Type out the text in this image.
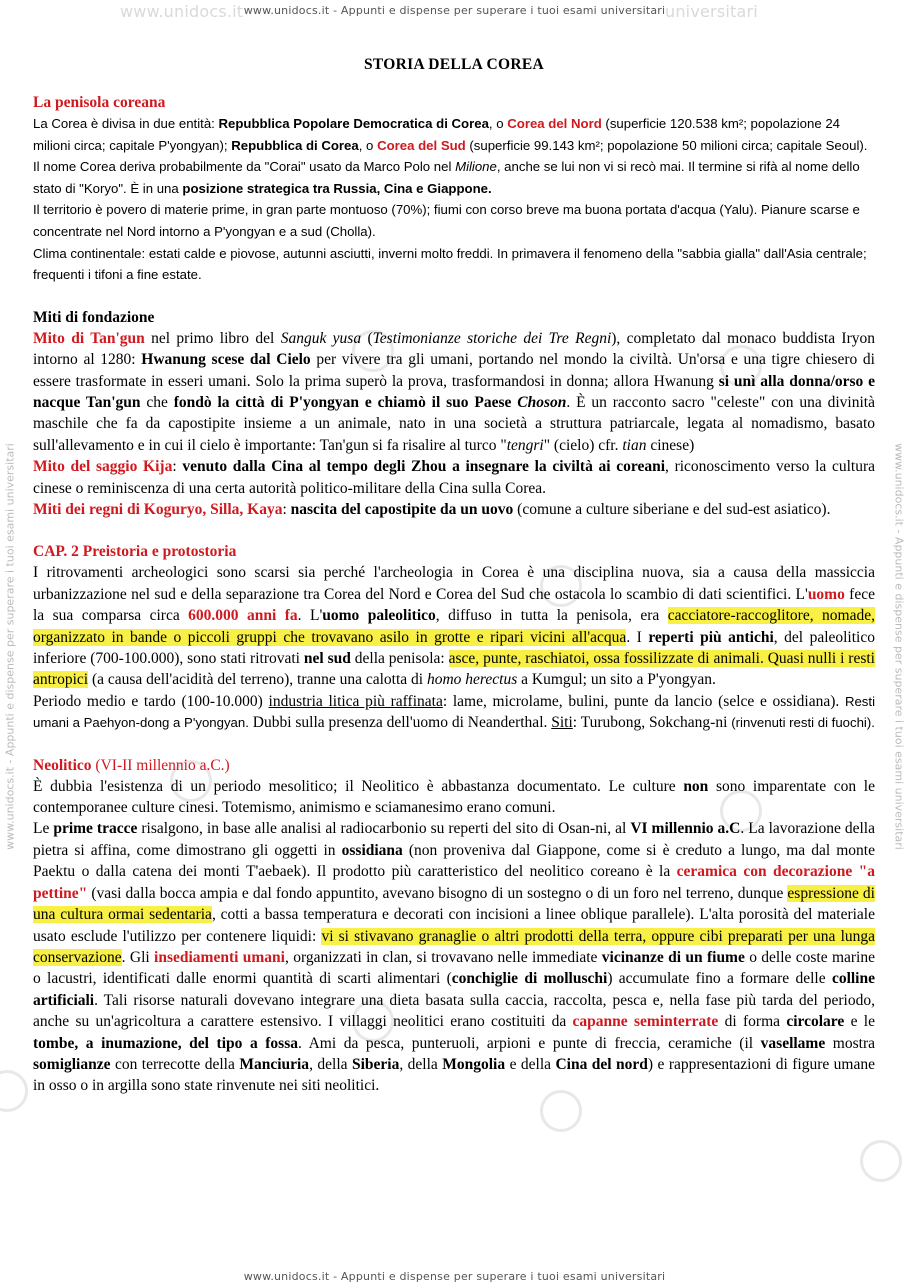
www.unidocs.it www.unidocs.it - Appunti e dispense per superare i tuoi esami universitari universitari
www.unidocs.it - Appunti e dispense per superare i tuoi esami universitari
www.unidocs.it - Appunti e dispense per superare i tuoi esami universitari	www.unidocs.it - Appunti e dispense per superare i tuoi esami universitari
STORIA DELLA COREA
La penisola coreana

La Corea è divisa in due entità: Repubblica Popolare Democratica di Corea, o Corea del Nord (superficie 120.538 km²; popolazione 24 milioni circa; capitale P'yongyan); Repubblica di Corea, o Corea del Sud (superficie 99.143 km²; popolazione 50 milioni circa; capitale Seoul).

Il nome Corea deriva probabilmente da "Corai" usato da Marco Polo nel Milione, anche se lui non vi si recò mai. Il termine si rifà al nome dello stato di "Koryo". È in una posizione strategica tra Russia, Cina e Giappone.

Il territorio è povero di materie prime, in gran parte montuoso (70%); fiumi con corso breve ma buona portata d'acqua (Yalu). Pianure scarse e concentrate nel Nord intorno a P'yongyan e a sud (Cholla).

Clima continentale: estati calde e piovose, autunni asciutti, inverni molto freddi. In primavera il fenomeno della "sabbia gialla" dall'Asia centrale; frequenti i tifoni a fine estate.

Miti di fondazione

Mito di Tan'gun nel primo libro del Sanguk yusa (Testimonianze storiche dei Tre Regni), completato dal monaco buddista Iryon intorno al 1280: Hwanung scese dal Cielo per vivere tra gli umani, portando nel mondo la civiltà. Un'orsa e una tigre chiesero di essere trasformate in esseri umani. Solo la prima superò la prova, trasformandosi in donna; allora Hwanung si unì alla donna/orso e nacque Tan'gun che fondò la città di P'yongyan e chiamò il suo Paese Choson. È un racconto sacro "celeste" con una divinità maschile che fa da capostipite insieme a un animale, nato in una società a struttura patriarcale, legata al nomadismo, basato sull'allevamento e in cui il cielo è importante: Tan'gun si fa risalire al turco "tengri" (cielo) cfr. tian cinese)

Mito del saggio Kija: venuto dalla Cina al tempo degli Zhou a insegnare la civiltà ai coreani, riconoscimento verso la cultura cinese o reminiscenza di una certa autorità politico-militare della Cina sulla Corea.

Miti dei regni di Koguryo, Silla, Kaya: nascita del capostipite da un uovo (comune a culture siberiane e del sud-est asiatico).

CAP. 2 Preistoria e protostoria

I ritrovamenti archeologici sono scarsi sia perché l'archeologia in Corea è una disciplina nuova, sia a causa della massiccia urbanizzazione nel sud e della separazione tra Corea del Nord e Corea del Sud che ostacola lo scambio di dati scientifici. L'uomo fece la sua comparsa circa 600.000 anni fa. L'uomo paleolitico, diffuso in tutta la penisola, era cacciatore-raccoglitore, nomade, organizzato in bande o piccoli gruppi che trovavano asilo in grotte e ripari vicini all'acqua. I reperti più antichi, del paleolitico inferiore (700-100.000), sono stati ritrovati nel sud della penisola: asce, punte, raschiatoi, ossa fossilizzate di animali. Quasi nulli i resti antropici (a causa dell'acidità del terreno), tranne una calotta di homo herectus a Kumgul; un sito a P'yongyan.

Periodo medio e tardo (100-10.000) industria litica più raffinata: lame, microlame, bulini, punte da lancio (selce e ossidiana). Resti umani a Paehyon-dong a P'yongyan. Dubbi sulla presenza dell'uomo di Neanderthal. Siti: Turubong, Sokchang-ni (rinvenuti resti di fuochi).

Neolitico (VI-II millennio a.C.)

È dubbia l'esistenza di un periodo mesolitico; il Neolitico è abbastanza documentato. Le culture non sono imparentate con le contemporanee culture cinesi. Totemismo, animismo e sciamanesimo erano comuni.

Le prime tracce risalgono, in base alle analisi al radiocarbonio su reperti del sito di Osan-ni, al VI millennio a.C. La lavorazione della pietra si affina, come dimostrano gli oggetti in ossidiana (non proveniva dal Giappone, come si è creduto a lungo, ma dal monte Paektu o dalla catena dei monti T'aebaek). Il prodotto più caratteristico del neolitico coreano è la ceramica con decorazione "a pettine" (vasi dalla bocca ampia e dal fondo appuntito, avevano bisogno di un sostegno o di un foro nel terreno, dunque espressione di una cultura ormai sedentaria, cotti a bassa temperatura e decorati con incisioni a linee oblique parallele). L'alta porosità del materiale usato esclude l'utilizzo per contenere liquidi: vi si stivavano granaglie o altri prodotti della terra, oppure cibi preparati per una lunga conservazione. Gli insediamenti umani, organizzati in clan, si trovavano nelle immediate vicinanze di un fiume o delle coste marine o lacustri, identificati dalle enormi quantità di scarti alimentari (conchiglie di molluschi) accumulate fino a formare delle colline artificiali. Tali risorse naturali dovevano integrare una dieta basata sulla caccia, raccolta, pesca e, nella fase più tarda del periodo, anche su un'agricoltura a carattere estensivo. I villaggi neolitici erano costituiti da capanne seminterrate di forma circolare e le tombe, a inumazione, del tipo a fossa. Ami da pesca, punteruoli, arpioni e punte di freccia, ceramiche (il vasellame mostra somiglianze con terrecotte della Manciuria, della Siberia, della Mongolia e della Cina del nord) e rappresentazioni di figure umane in osso o in argilla sono state rinvenute nei siti neolitici.
